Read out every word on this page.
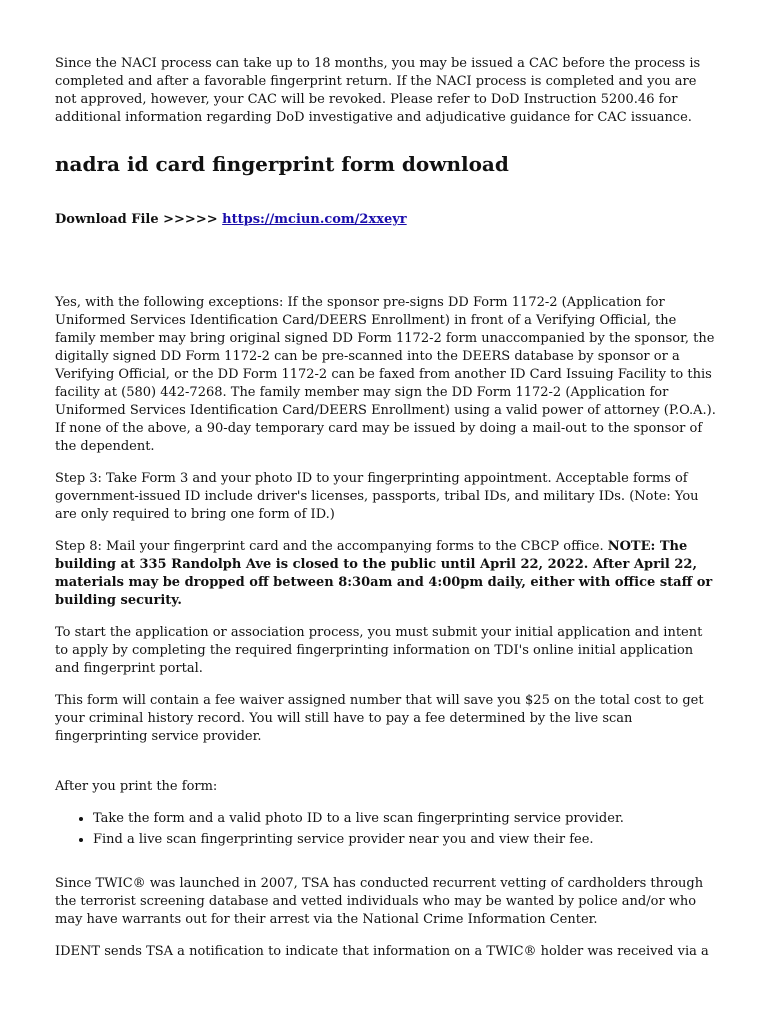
Since the NACI process can take up to 18 months, you may be issued a CAC before the process is completed and after a favorable fingerprint return. If the NACI process is completed and you are not approved, however, your CAC will be revoked. Please refer to DoD Instruction 5200.46 for additional information regarding DoD investigative and adjudicative guidance for CAC issuance.

nadra id card fingerprint form download
Download File >>>>> https://mciun.com/2xxeyr

Yes, with the following exceptions: If the sponsor pre-signs DD Form 1172-2 (Application for Uniformed Services Identification Card/DEERS Enrollment) in front of a Verifying Official, the family member may bring original signed DD Form 1172-2 form unaccompanied by the sponsor, the digitally signed DD Form 1172-2 can be pre-scanned into the DEERS database by sponsor or a Verifying Official, or the DD Form 1172-2 can be faxed from another ID Card Issuing Facility to this facility at (580) 442-7268. The family member may sign the DD Form 1172-2 (Application for Uniformed Services Identification Card/DEERS Enrollment) using a valid power of attorney (P.O.A.). If none of the above, a 90-day temporary card may be issued by doing a mail-out to the sponsor of the dependent.

Step 3: Take Form 3 and your photo ID to your fingerprinting appointment. Acceptable forms of government-issued ID include driver's licenses, passports, tribal IDs, and military IDs. (Note: You are only required to bring one form of ID.)

Step 8: Mail your fingerprint card and the accompanying forms to the CBCP office. NOTE: The building at 335 Randolph Ave is closed to the public until April 22, 2022. After April 22, materials may be dropped off between 8:30am and 4:00pm daily, either with office staff or building security.

To start the application or association process, you must submit your initial application and intent to apply by completing the required fingerprinting information on TDI's online initial application and fingerprint portal.

This form will contain a fee waiver assigned number that will save you $25 on the total cost to get your criminal history record. You will still have to pay a fee determined by the live scan fingerprinting service provider.

After you print the form:

• Take the form and a valid photo ID to a live scan fingerprinting service provider.
• Find a live scan fingerprinting service provider near you and view their fee.

Since TWIC® was launched in 2007, TSA has conducted recurrent vetting of cardholders through the terrorist screening database and vetted individuals who may be wanted by police and/or who may have warrants out for their arrest via the National Crime Information Center.

IDENT sends TSA a notification to indicate that information on a TWIC® holder was received via a
